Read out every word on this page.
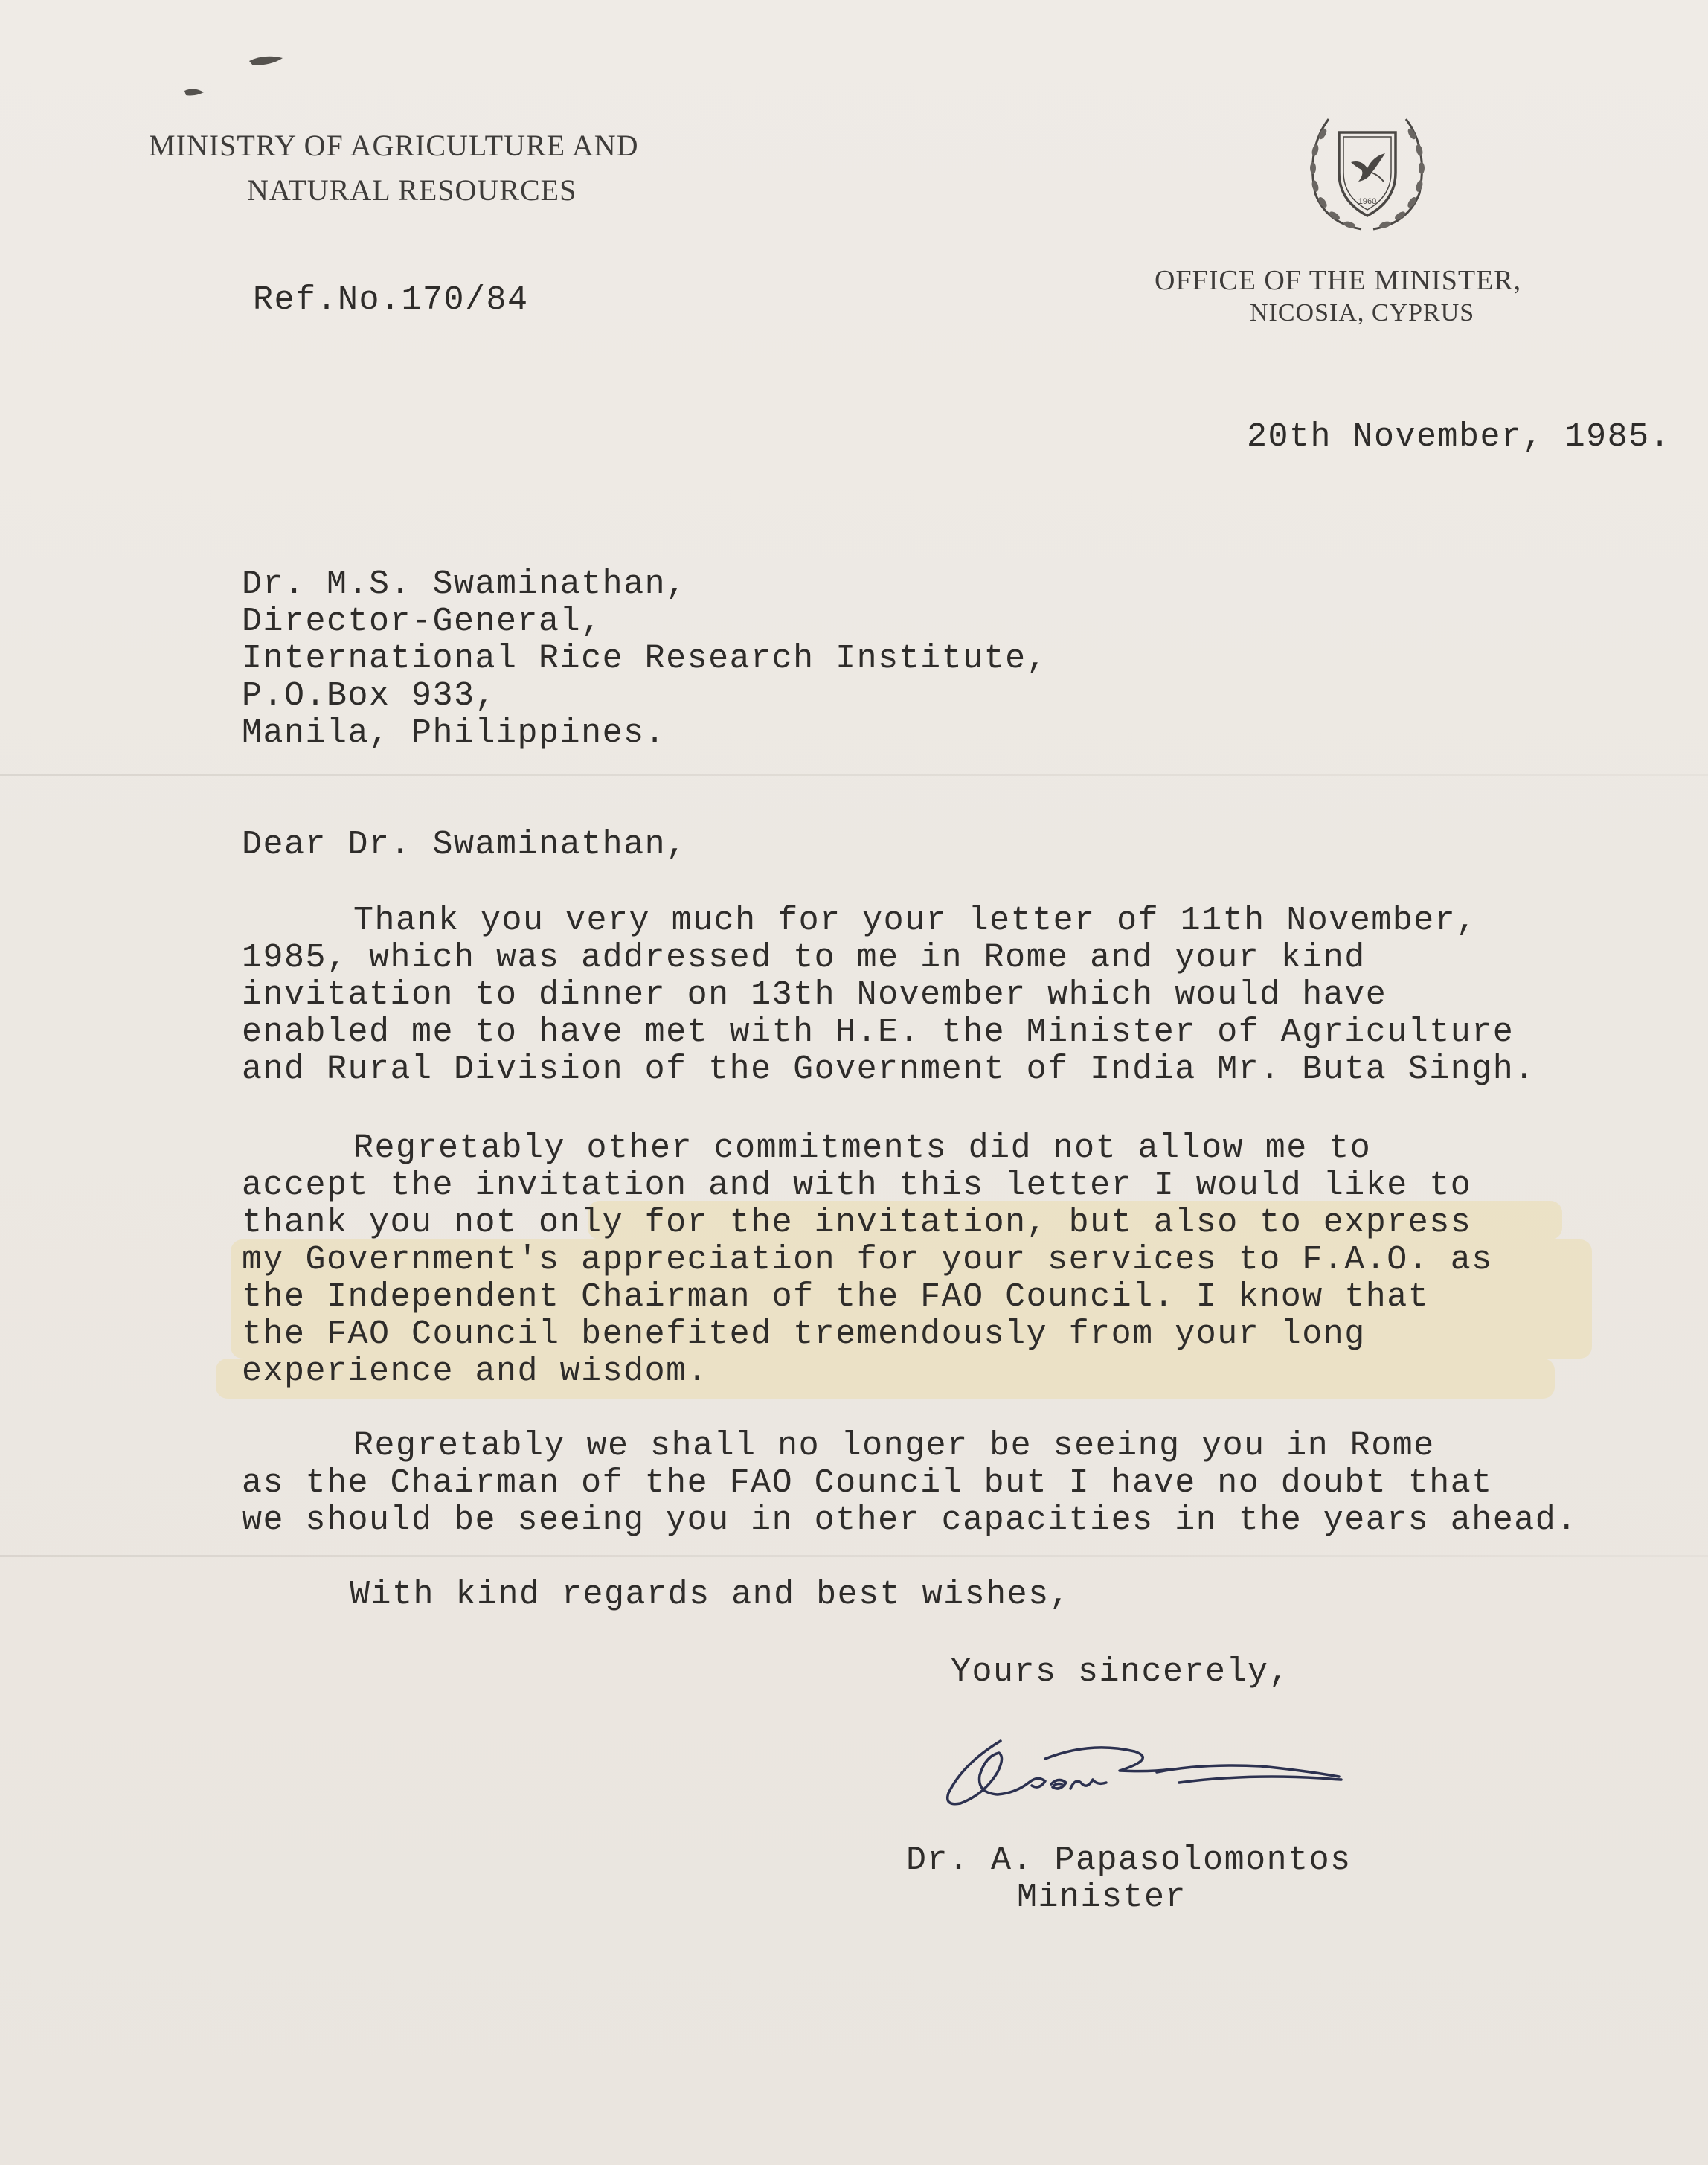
MINISTRY OF AGRICULTURE AND
NATURAL RESOURCES	1960
OFFICE OF THE MINISTER,
NICOSIA, CYPRUS
Ref.No.170/84
20th November, 1985.
Dr. M.S. Swaminathan,
Director-General,
International Rice Research Institute,
P.O.Box 933,
Manila, Philippines.
Dear Dr. Swaminathan,
Thank you very much for your letter of 11th November,
1985, which was addressed to me in Rome and your kind
invitation to dinner on 13th November which would have
enabled me to have met with H.E. the Minister of Agriculture
and Rural Division of the Government of India Mr. Buta Singh.
Regretably other commitments did not allow me to
accept the invitation and with this letter I would like to
thank you not only for the invitation, but also to express
my Government's appreciation for your services to F.A.O. as
the Independent Chairman of the FAO Council. I know that
the FAO Council benefited tremendously from your long
experience and wisdom.
Regretably we shall no longer be seeing you in Rome
as the Chairman of the FAO Council but I have no doubt that
we should be seeing you in other capacities in the years ahead.
With kind regards and best wishes,
Yours sincerely,
Dr. A. Papasolomontos
Minister
